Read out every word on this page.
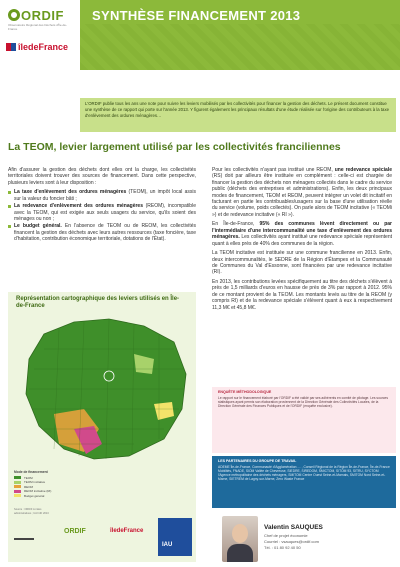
ORDIF
Observatoire Régional des Déchets d'Île-de-France
îledeFrance
SYNTHÈSE FINANCEMENT 2013
L'ORDIF publie tous les ans une note pour suivre les leviers mobilisés par les collectivités pour financer la gestion des déchets. Le présent document constitue une synthèse de ce rapport qui porte sur l'année 2013. Y figurent également les principaux résultats d'une étude réalisée sur l'origine des contributeurs à la taxe d'enlèvement des ordures ménagères…
La TEOM, levier largement utilisé par les collectivités franciliennes

Afin d'assurer la gestion des déchets dont elles ont la charge, les collectivités territoriales doivent trouver des sources de financement. Dans cette perspective, plusieurs leviers sont à leur disposition :

La taxe d'enlèvement des ordures ménagères (TEOM), un impôt local assis sur la valeur du foncier bâti ;
La redevance d'enlèvement des ordures ménagères (REOM), incompatible avec la TEOM, qui est exigée aux seuls usagers du service, qu'ils soient des ménages ou non ;
Le budget général. En l'absence de TEOM ou de REOM, les collectivités financent la gestion des déchets avec leurs autres ressources (taxe foncière, taxe d'habitation, contribution économique territoriale, dotations de l'État).

Pour les collectivités n'ayant pas institué une REOM, une redevance spéciale (RS) doit par ailleurs être instituée en complément : celle-ci est chargée de financer la gestion des déchets non ménagers collectés dans le cadre du service public (déchets des entreprises et administrations). Enfin, les deux principaux modes de financement, TEOM et REOM, peuvent intégrer un volet dit incitatif en facturant en partie les contribuables/usagers sur la base d'une utilisation réelle du service (volume, poids collectés). On parle alors de TEOM incitative (« TEOMi ») et de redevance incitative (« RI »).

En Île-de-France, 95% des communes lèvent directement ou par l'intermédiaire d'une intercommunalité une taxe d'enlèvement des ordures ménagères. Les collectivités ayant institué une redevance spéciale représentent quant à elles près de 40% des communes de la région.

La TEOM incitative est instituée sur une commune francilienne en 2013. Enfin, deux intercommunalités, le SEDRE de la Région d'Étampes et la Communauté de Communes du Val d'Essonne, sont financées par une redevance incitative (RI).

En 2013, les contributions levées spécifiquement au titre des déchets s'élèvent à près de 1,5 milliards d'euros en hausse de près de 3% par rapport à 2012. 95% de ce montant provient de la TEOM. Les montants levés au titre de la REOM (y compris RI) et de la redevance spéciale s'élèvent quant à eux à respectivement 11,3 M€ et 45,8 M€.

Représentation cartographique des leviers utilisés en Île-de-France
Mode de financement
TEOM
TEOM incitative
REOM
REOM incitative (RI)
Budget général
Source : ORDIF Limites administratives ; IAU îdF 2013
ORDIF	îledeFrance
IAU
ENQUÊTE MÉTHODOLOGIQUE
Le rapport sur le financement élaboré par l'ORDIF a été validé par ses adhérents en comité de pilotage. Les sources statistiques ayant permis son élaboration proviennent de la Direction Générale des Collectivités Locales, de la Direction Générale des Finances Publiques et de l'ORDIF (enquête exclusive).
LES PARTENAIRES DU GROUPE DE TRAVAIL
ADEME Île-de-France, Communauté d'Agglomération … , Conseil Régional de la Région Île-de-France, Île-de-France Mobilités, FNADE, SIOM Vallée de Chevreuse, SIEDRE, SIREDOM, SMICTOM, SITOM 93, SITRU, SYCTOM l'Agence métropolitaine des déchets ménagers, SMITOM Centre Ouest Seine-et-Marnais, SMITOM Nord Seine-et-Marne, SIETREM de Lagny-sur-Marne, Zero Waste France
Valentin SAUQUES
Chef de projet économie
Courriel : vsauques@ordif.com
Tél. : 01 80 92 40 50
